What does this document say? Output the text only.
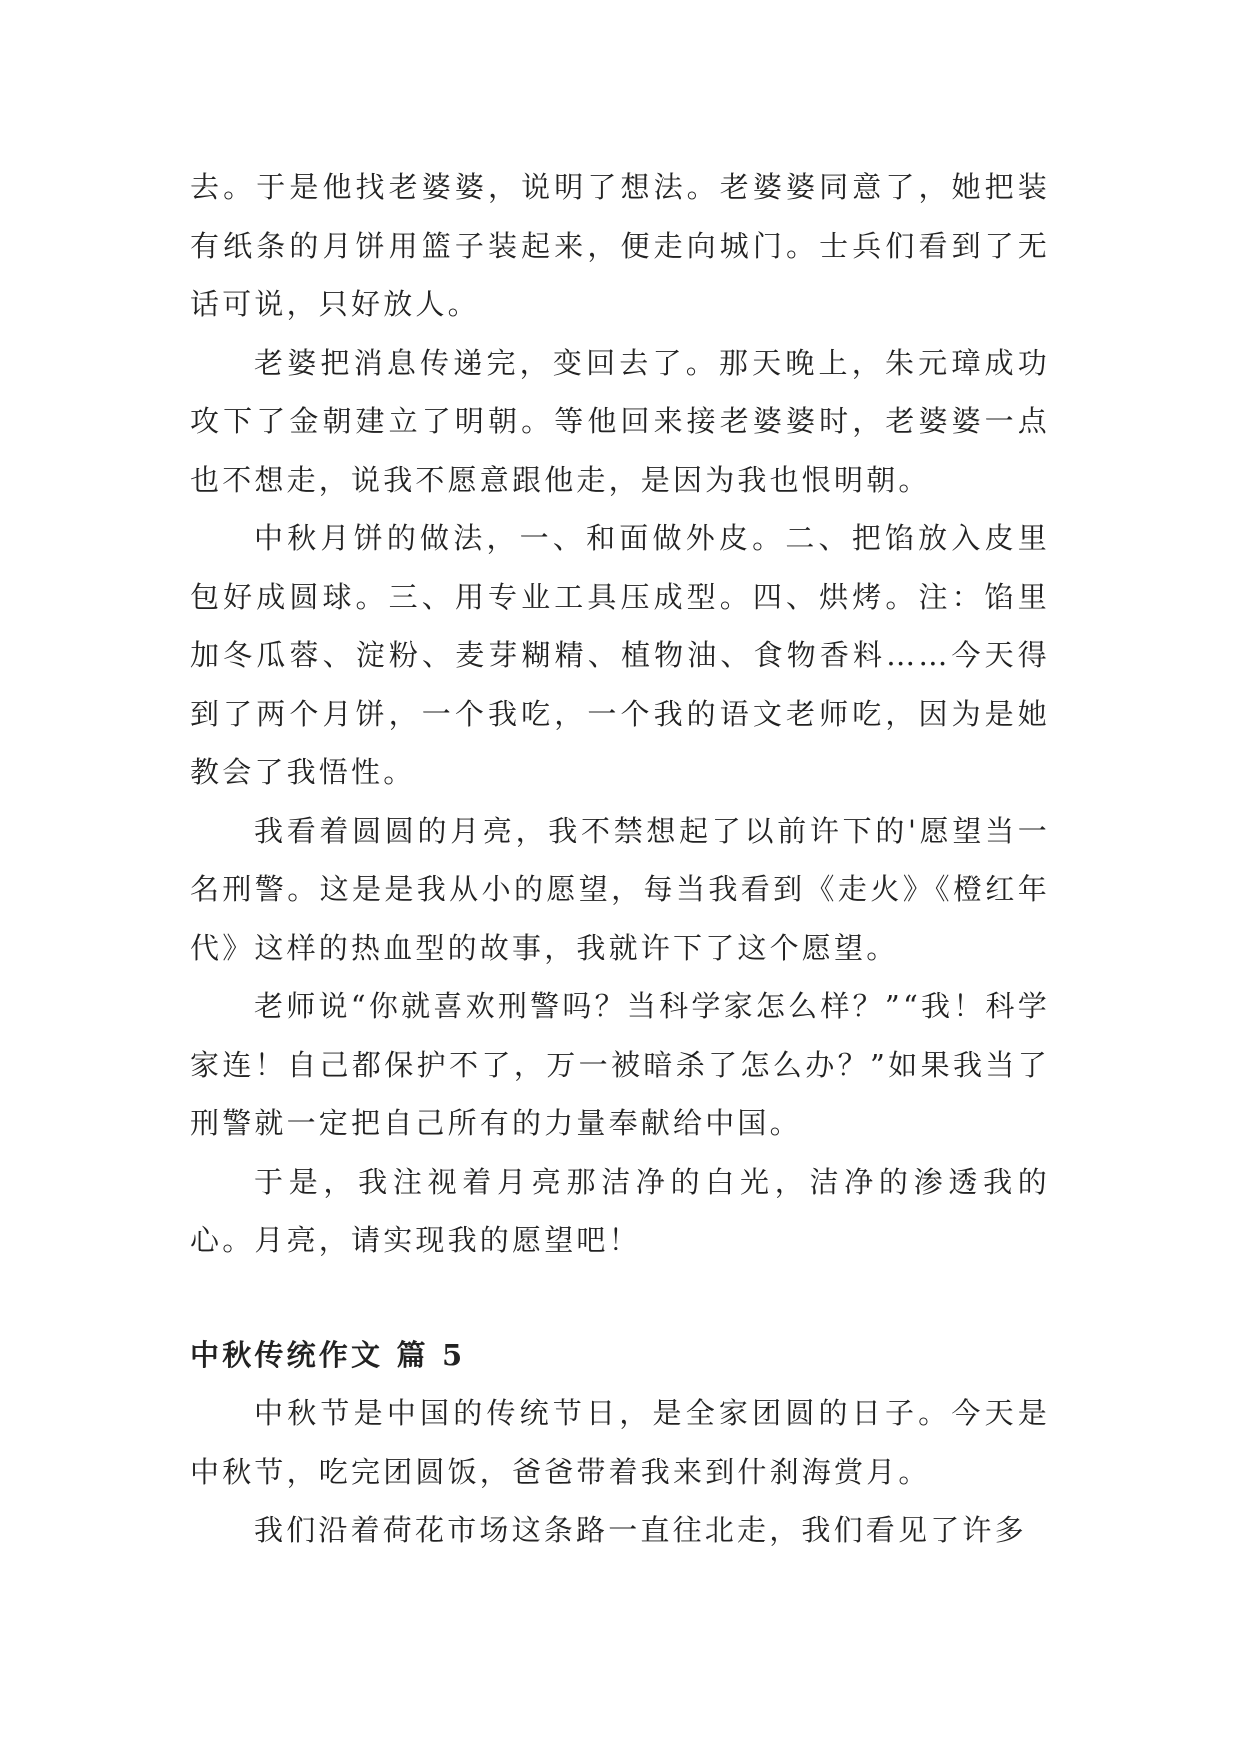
去。于是他找老婆婆，说明了想法。老婆婆同意了，她把装有纸条的月饼用篮子装起来，便走向城门。士兵们看到了无话可说，只好放人。

老婆把消息传递完，变回去了。那天晚上，朱元璋成功攻下了金朝建立了明朝。等他回来接老婆婆时，老婆婆一点也不想走，说我不愿意跟他走，是因为我也恨明朝。

中秋月饼的做法，一、和面做外皮。二、把馅放入皮里包好成圆球。三、用专业工具压成型。四、烘烤。注：馅里加冬瓜蓉、淀粉、麦芽糊精、植物油、食物香料……今天得到了两个月饼，一个我吃，一个我的语文老师吃，因为是她教会了我悟性。

我看着圆圆的月亮，我不禁想起了以前许下的'愿望当一名刑警。这是是我从小的愿望，每当我看到《走火》《橙红年代》这样的热血型的故事，我就许下了这个愿望。

老师说“你就喜欢刑警吗？当科学家怎么样？”“我！科学家连！自己都保护不了，万一被暗杀了怎么办？”如果我当了刑警就一定把自己所有的力量奉献给中国。

于是，我注视着月亮那洁净的白光，洁净的渗透我的心。月亮，请实现我的愿望吧！

中秋传统作文 篇 5

中秋节是中国的传统节日，是全家团圆的日子。今天是中秋节，吃完团圆饭，爸爸带着我来到什刹海赏月。

我们沿着荷花市场这条路一直往北走，我们看见了许多
